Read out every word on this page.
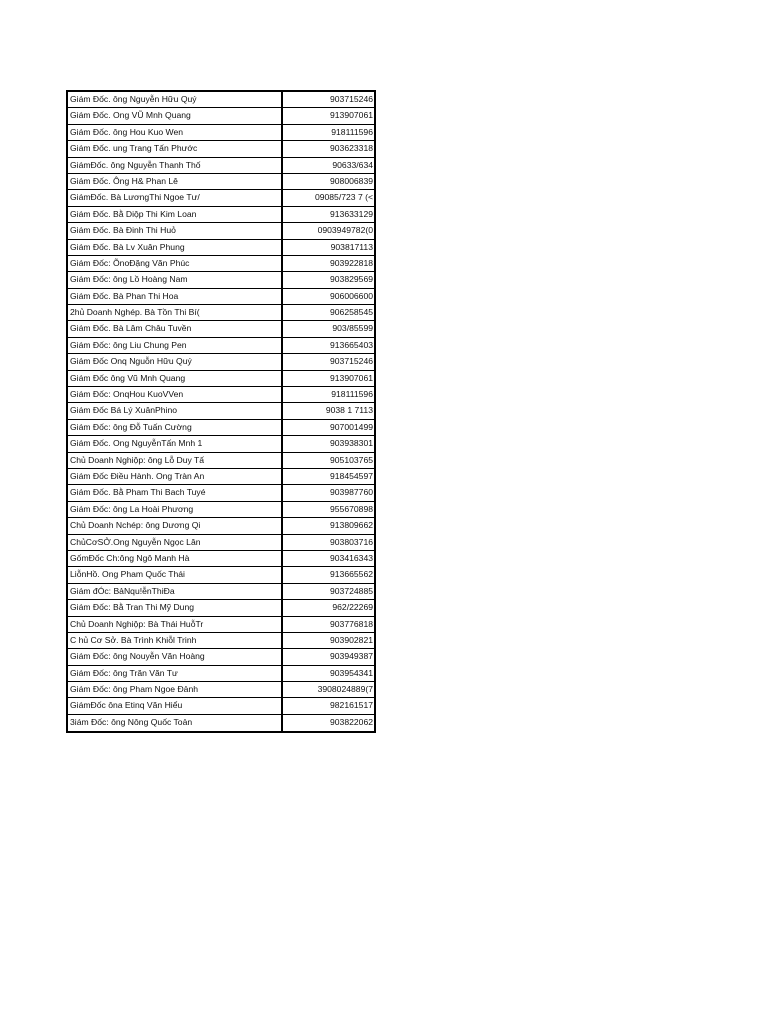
Giám Đốc. ông Nguyễn Hữu Quý	903715246
Giám Đốc. Ong VŨ Mnh Quang	913907061
Giám Đốc. ông Hou Kuo Wen	918111596
Giám Đốc. ung Trang Tấn Phước	903623318
GiámĐốc. ông Nguyễn Thanh Thố	90633/634
Giám Đốc. Ông H& Phan Lê	908006839
GiámĐốc. Bà LươngThi Ngoe Tư/	09085/723 7 (<
Giám Đốc. Bằ Diộp Thi Kim Loan	913633129
Giám Đốc. Bà Đinh Thi Huỏ	0903949782(0
Giám Đốc. Bà Lv Xuân Phung	903817113
Giám Đốc: ÕnoĐặng Văn Phúc	903922818
Giám Đốc: ông Lồ Hoàng Nam	903829569
Giám Đốc. Bà Phan Thi Hoa	906006600
2hủ Doanh Nghép. Bà Tồn Thi Bí(	906258545
Giám Đốc. Bà Lâm Châu Tuvền	903/85599
Giám Đốc: ông Liu Chung Pen	913665403
Giám Đốc Onq Nguỗn Hữu Quý	903715246
Giám Đốc ông Vũ Mnh Quang	913907061
Giám Đốc: OnqHou KuoVVen	918111596
Giám Đốc Bá Lý XuânPhino	9038 1 7113
Giám Đốc: ông Đỗ Tuấn Cường	907001499
Giám Đốc. Ong NguyễnTấn Mnh 1	903938301
Chủ Doanh Nghiộp: ông Lỗ Duy Tấ	905103765
Giám Đốc Điều Hành. Ong Tràn An	918454597
Giám Đốc. Bằ Pham Thi Bach Tuyé	903987760
Giám Đốc: ông La Hoài Phương	955670898
Chủ Doanh Nchép: ông Dương Qi	913809662
ChủCơSỞ.Ong Nguyễn Ngọc Lân	903803716
GốmĐốc Ch:ông Ngô Manh Hà	903416343
LiỗnHồ. Ong Pham Quốc Thái	913665562
Giám đÓc: BảNqu!ễnThiĐa	903724885
Giám Đốc: Bằ Tran Thi Mỹ Dung	962/22269
Chủ Doanh Nghiộp: Bà Thái HuỗTr	903776818
C hủ Cơ Sở. Bà Trình Khiỗl Trinh	903902821
Giám Đốc: ông Nouyễn Văn Hoàng	903949387
Giám Đốc: ông Trăn Văn Tư	903954341
Giám Đốc: ông Pham Ngoe Đảnh	3908024889(7
GiámĐốc ôna Etinq Văn Hiểu	982161517
3iám Đốc: ông Nông Quốc Toản	903822062
